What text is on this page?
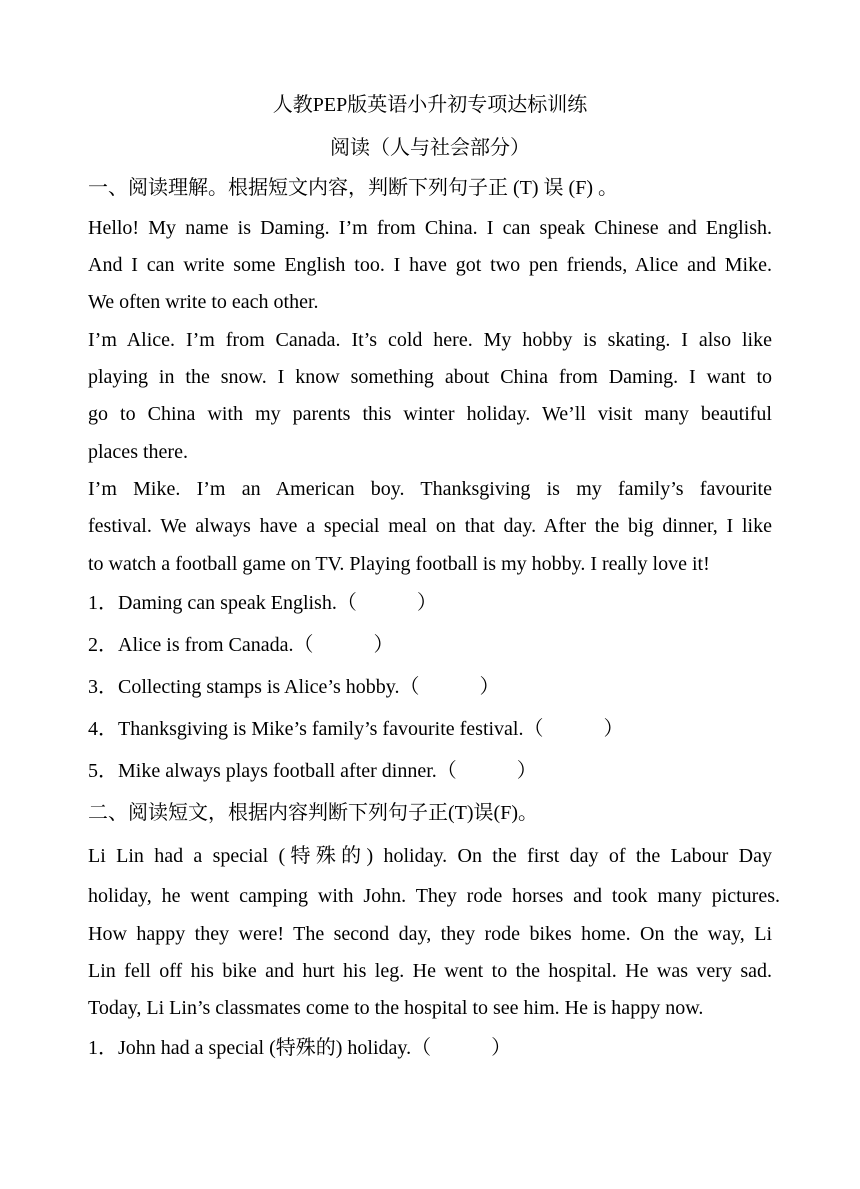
人教PEP版英语小升初专项达标训练
阅读（人与社会部分）
一、阅读理解。根据短文内容，判断下列句子正 (T) 误 (F) 。
Hello! My name is Daming. I’m from China. I can speak Chinese and English.
And I can write some English too. I have got two pen friends, Alice and Mike.
We often write to each other.
I’m Alice. I’m from Canada. It’s cold here. My hobby is skating. I also like
playing in the snow. I know something about China from Daming. I want to
go to China with my parents this winter holiday. We’ll visit many beautiful
places there.
I’m Mike. I’m an American boy. Thanksgiving is my family’s favourite
festival. We always have a special meal on that day. After the big dinner, I like
to watch a football game on TV. Playing football is my hobby. I really love it!
1．Daming can speak English.（　　　）
2．Alice is from Canada.（　　　）
3．Collecting stamps is Alice’s hobby.（　　　）
4．Thanksgiving is Mike’s family’s favourite festival.（　　　）
5．Mike always plays football after dinner.（　　　）
二、阅读短文，根据内容判断下列句子正(T)误(F)。
Li Lin had a special (特殊的) holiday. On the first day of the Labour Day
holiday, he went camping with John. They rode horses and took many pictures.
How happy they were! The second day, they rode bikes home. On the way, Li
Lin fell off his bike and hurt his leg. He went to the hospital. He was very sad.
Today, Li Lin’s classmates come to the hospital to see him. He is happy now.
1．John had a special (特殊的) holiday.（　　　）
